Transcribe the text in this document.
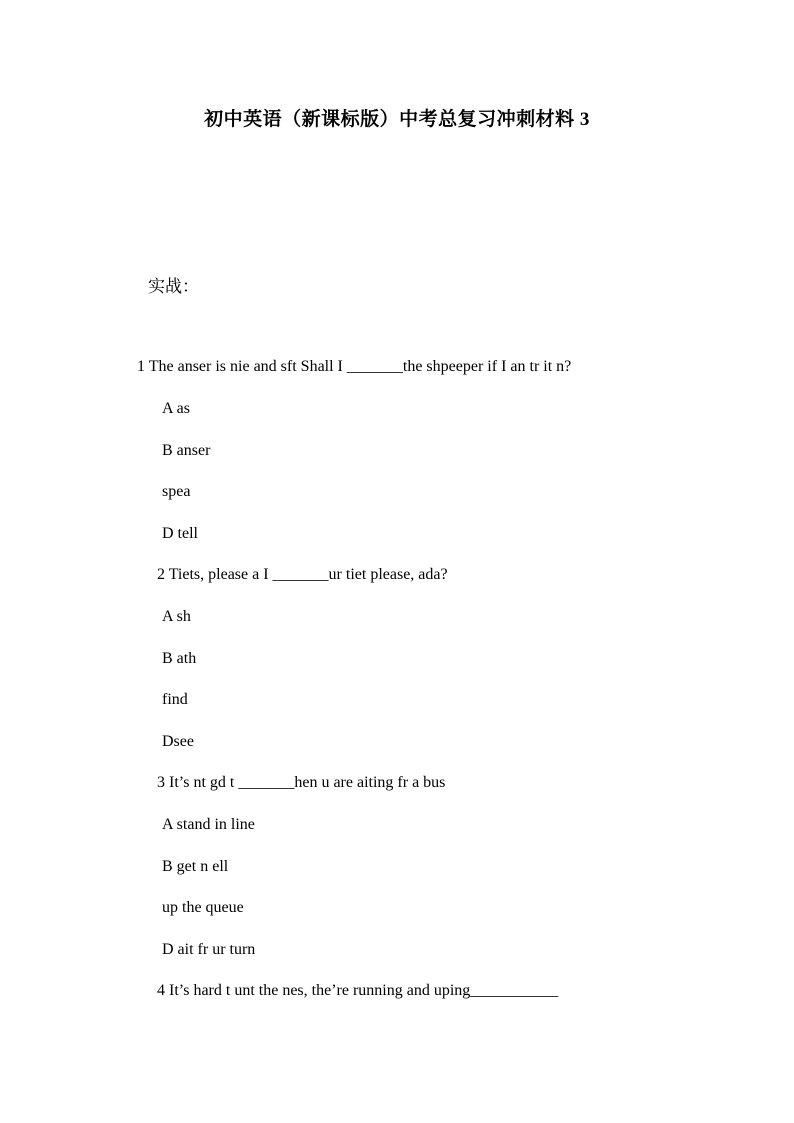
初中英语（新课标版）中考总复习冲刺材料 3
实战：
1 The anser is nie and sft Shall I _______the shpeeper if I an tr it n?
A as
B anser
spea
D tell
2 Tiets, please a I _______ur tiet please, ada?
A sh
B ath
find
Dsee
3 It’s nt gd t _______hen u are aiting fr a bus
A stand in line
B get n ell
up the queue
D ait fr ur turn
4 It’s hard t unt the nes, the’re running and uping___________
